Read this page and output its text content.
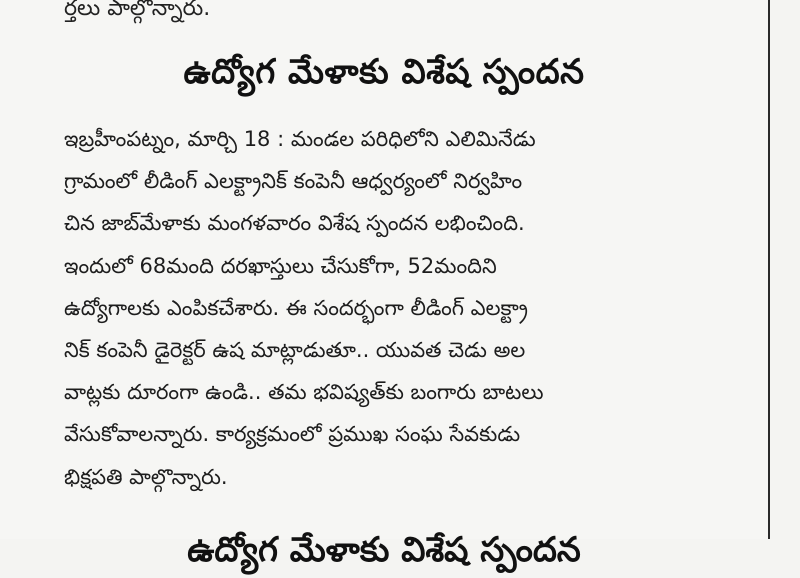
ర్తలు పాల్గొన్నారు.
ఉద్యోగ మేళాకు విశేష స్పందన
ఇబ్రహీంపట్నం, మార్చి 18 : మండల పరిధిలోని ఎలిమినేడు
గ్రామంలో లీడింగ్ ఎలక్ట్రానిక్ కంపెనీ ఆధ్వర్యంలో నిర్వహిం
చిన జాబ్‌మేళాకు మంగళవారం విశేష స్పందన లభించింది.
ఇందులో 68మంది దరఖాస్తులు చేసుకోగా, 52మందిని
ఉద్యోగాలకు ఎంపికచేశారు. ఈ సందర్భంగా లీడింగ్ ఎలక్ట్రా
నిక్ కంపెనీ డైరెక్టర్ ఉష మాట్లాడుతూ.. యువత చెడు అల
వాట్లకు దూరంగా ఉండి.. తమ భవిష్యత్‌కు బంగారు బాటలు
వేసుకోవాలన్నారు. కార్యక్రమంలో ప్రముఖ సంఘ సేవకుడు
భిక్షపతి పాల్గొన్నారు.
ఉద్యోగ మేళాకు విశేష స్పందన
